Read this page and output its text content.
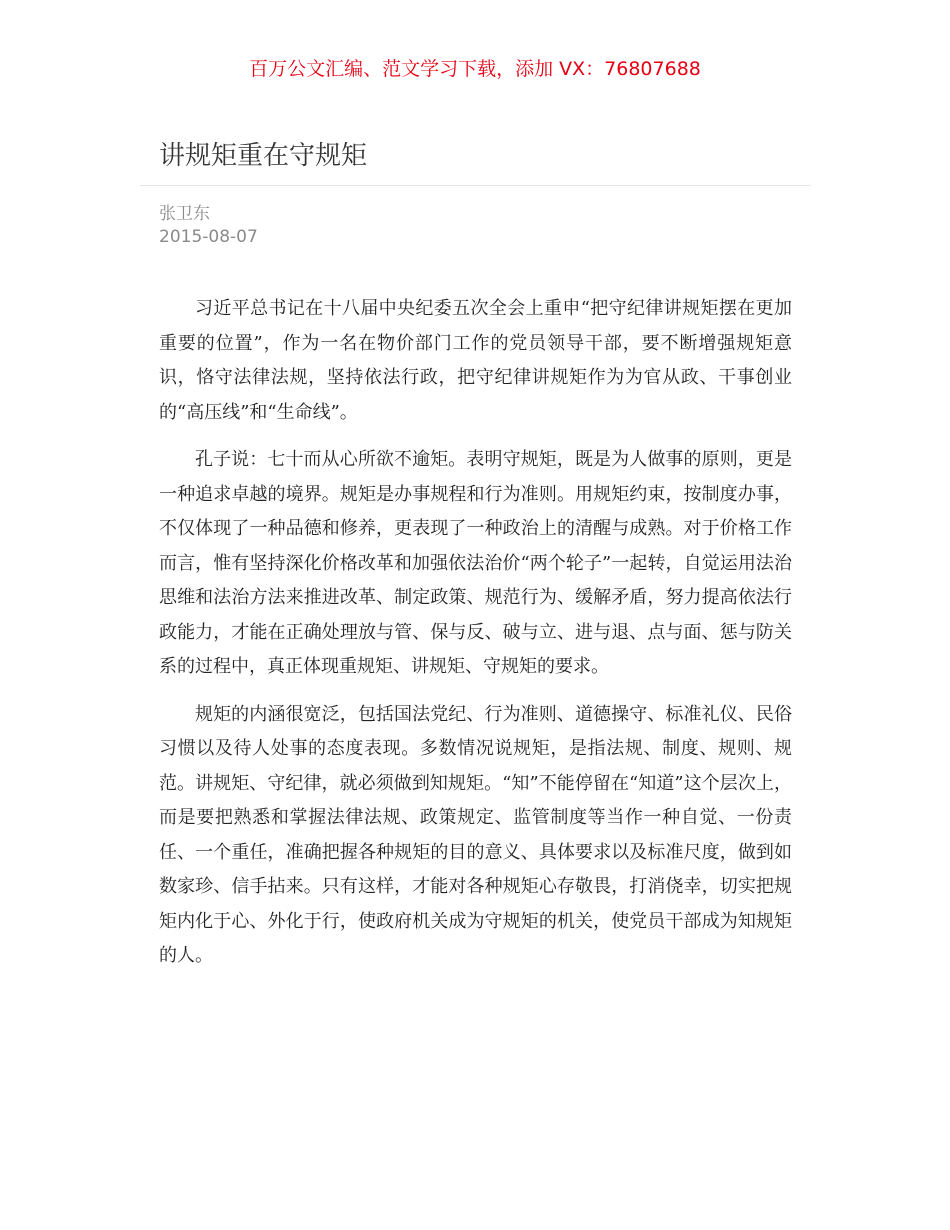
百万公文汇编、范文学习下载，添加 VX：76807688
讲规矩重在守规矩
张卫东
2015-08-07

习近平总书记在十八届中央纪委五次全会上重申“把守纪律讲规矩摆在更加重要的位置”，作为一名在物价部门工作的党员领导干部，要不断增强规矩意识，恪守法律法规，坚持依法行政，把守纪律讲规矩作为为官从政、干事创业的“高压线”和“生命线”。

孔子说：七十而从心所欲不逾矩。表明守规矩，既是为人做事的原则，更是一种追求卓越的境界。规矩是办事规程和行为准则。用规矩约束，按制度办事，不仅体现了一种品德和修养，更表现了一种政治上的清醒与成熟。对于价格工作而言，惟有坚持深化价格改革和加强依法治价“两个轮子”一起转，自觉运用法治思维和法治方法来推进改革、制定政策、规范行为、缓解矛盾，努力提高依法行政能力，才能在正确处理放与管、保与反、破与立、进与退、点与面、惩与防关系的过程中，真正体现重规矩、讲规矩、守规矩的要求。

规矩的内涵很宽泛，包括国法党纪、行为准则、道德操守、标准礼仪、民俗习惯以及待人处事的态度表现。多数情况说规矩，是指法规、制度、规则、规范。讲规矩、守纪律，就必须做到知规矩。“知”不能停留在“知道”这个层次上，而是要把熟悉和掌握法律法规、政策规定、监管制度等当作一种自觉、一份责任、一个重任，准确把握各种规矩的目的意义、具体要求以及标准尺度，做到如数家珍、信手拈来。只有这样，才能对各种规矩心存敬畏，打消侥幸，切实把规矩内化于心、外化于行，使政府机关成为守规矩的机关，使党员干部成为知规矩的人。
